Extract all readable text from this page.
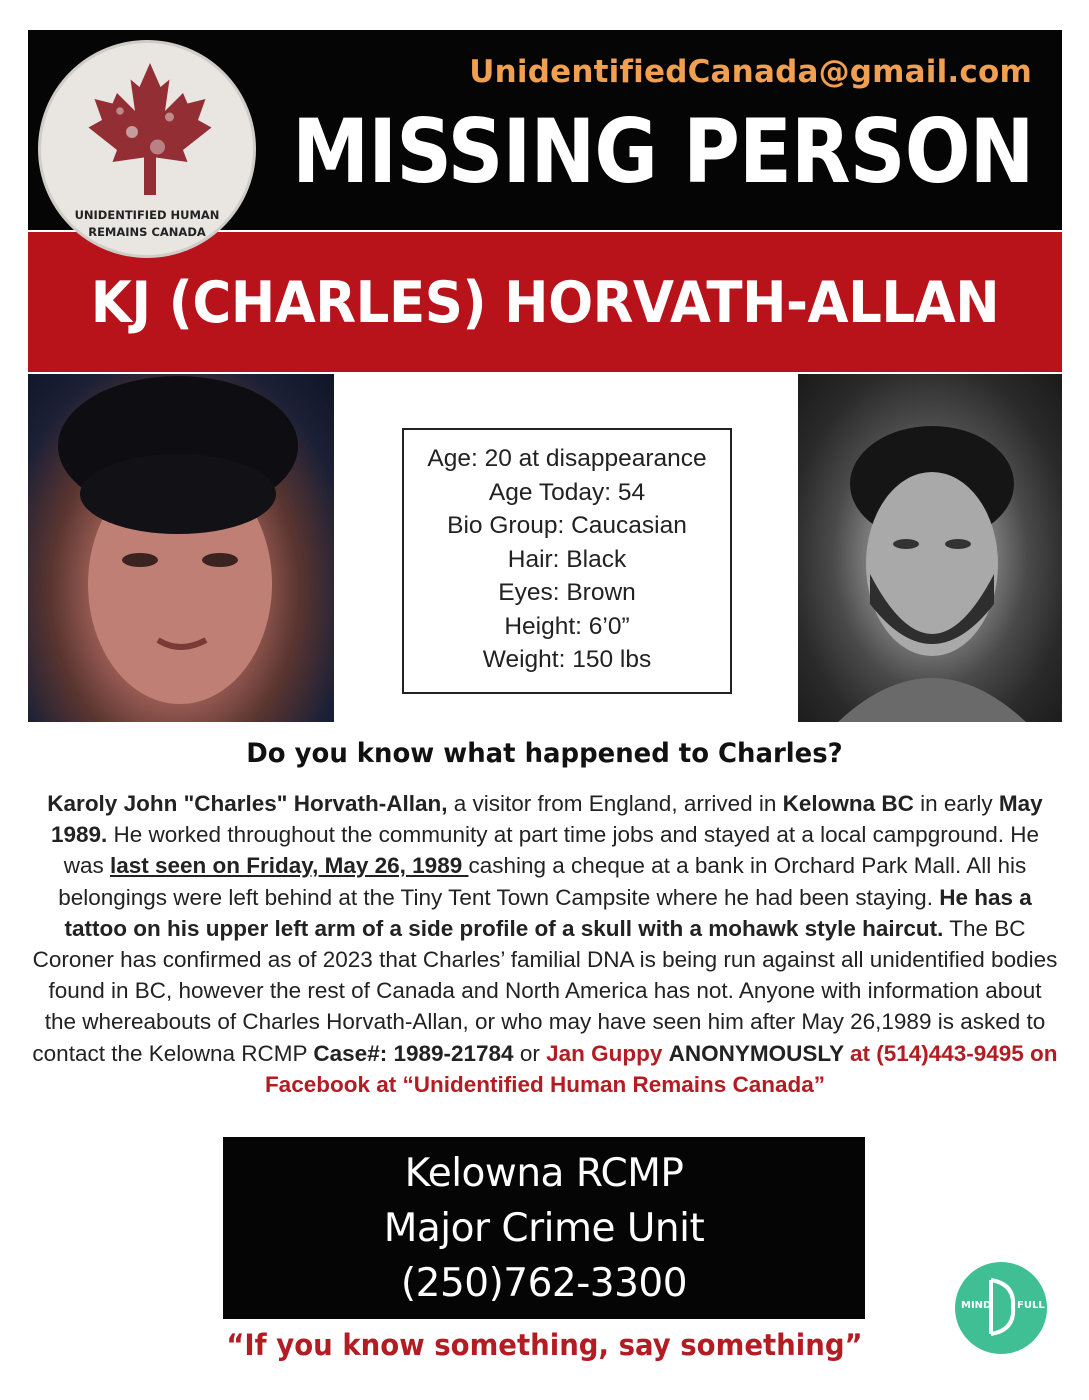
UnidentifiedCanada@gmail.com
MISSING PERSON
UNIDENTIFIED HUMAN
REMAINS CANADA
KJ (CHARLES) HORVATH-ALLAN
Age: 20 at disappearance
Age Today: 54
Bio Group: Caucasian
Hair: Black
Eyes: Brown
Height: 6’0”
Weight: 150 lbs
Do you know what happened to Charles?
Karoly John "Charles" Horvath-Allan, a visitor from England, arrived in Kelowna BC in early May 1989. He worked throughout the community at part time jobs and stayed at a local campground. He was last seen on Friday, May 26, 1989 cashing a cheque at a bank in Orchard Park Mall. All his belongings were left behind at the Tiny Tent Town Campsite where he had been staying. He has a tattoo on his upper left arm of a side profile of a skull with a mohawk style haircut. The BC Coroner has confirmed as of 2023 that Charles’ familial DNA is being run against all unidentified bodies found in BC, however the rest of Canada and North America has not. Anyone with information about the whereabouts of Charles Horvath-Allan, or who may have seen him after May 26,1989 is asked to contact the Kelowna RCMP Case#: 1989-21784 or Jan Guppy ANONYMOUSLY at (514)443-9495 on Facebook at “Unidentified Human Remains Canada”
Kelowna RCMP
Major Crime Unit
(250)762-3300
“If you know something, say something”
MIND	FULL
